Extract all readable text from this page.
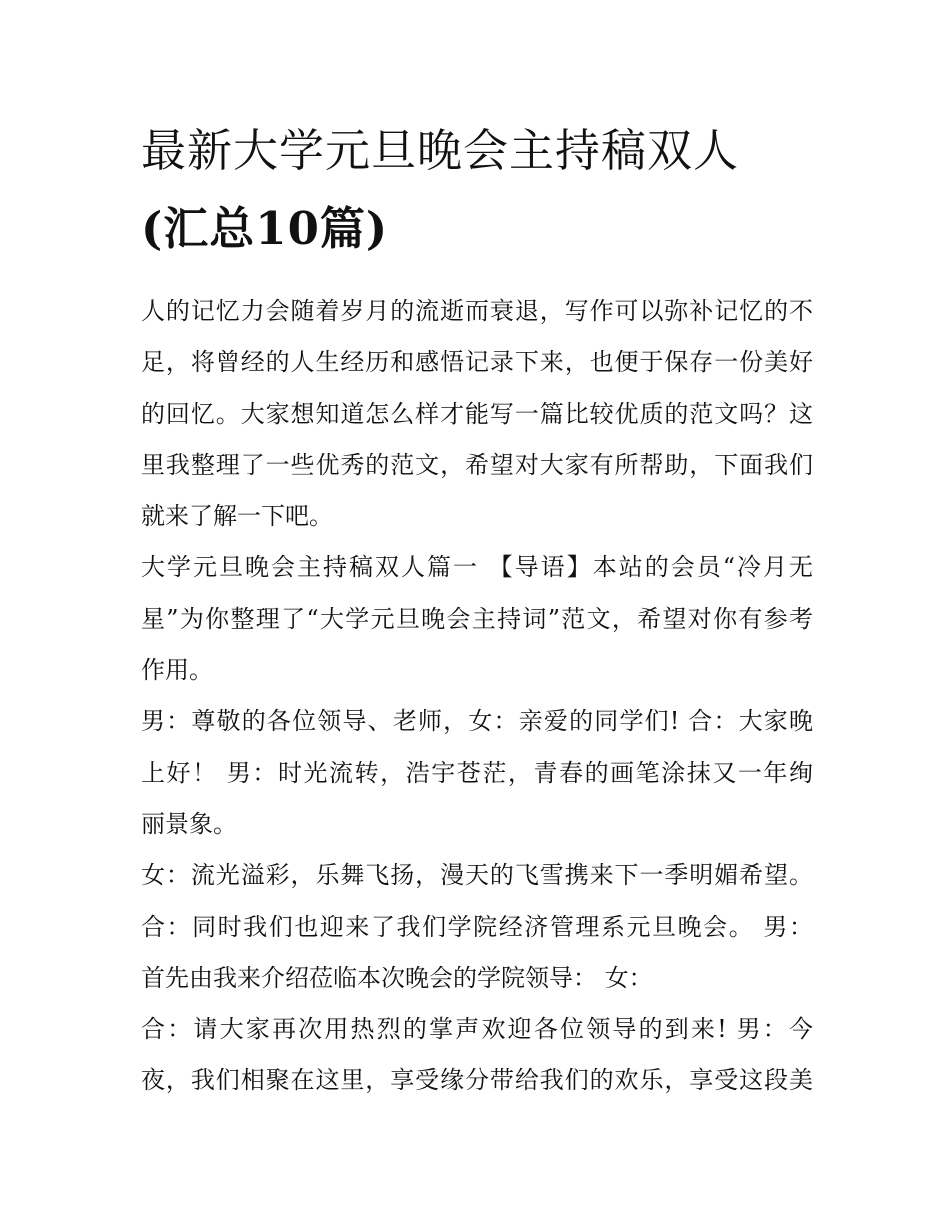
最新大学元旦晚会主持稿双人
(汇总10篇)

人的记忆力会随着岁月的流逝而衰退，写作可以弥补记忆的不
足，将曾经的人生经历和感悟记录下来，也便于保存一份美好
的回忆。大家想知道怎么样才能写一篇比较优质的范文吗？这
里我整理了一些优秀的范文，希望对大家有所帮助，下面我们
就来了解一下吧。

大学元旦晚会主持稿双人篇一 【导语】本站的会员“冷月无
星”为你整理了“大学元旦晚会主持词”范文，希望对你有参考
作用。

男：尊敬的各位领导、老师，女：亲爱的同学们! 合：大家晚
上好！ 男：时光流转，浩宇苍茫，青春的画笔涂抹又一年绚
丽景象。

女：流光溢彩，乐舞飞扬，漫天的飞雪携来下一季明媚希望。
合：同时我们也迎来了我们学院经济管理系元旦晚会。 男：
首先由我来介绍莅临本次晚会的学院领导： 女：

合：请大家再次用热烈的掌声欢迎各位领导的到来! 男：今
夜，我们相聚在这里，享受缘分带给我们的欢乐，享受这段美
